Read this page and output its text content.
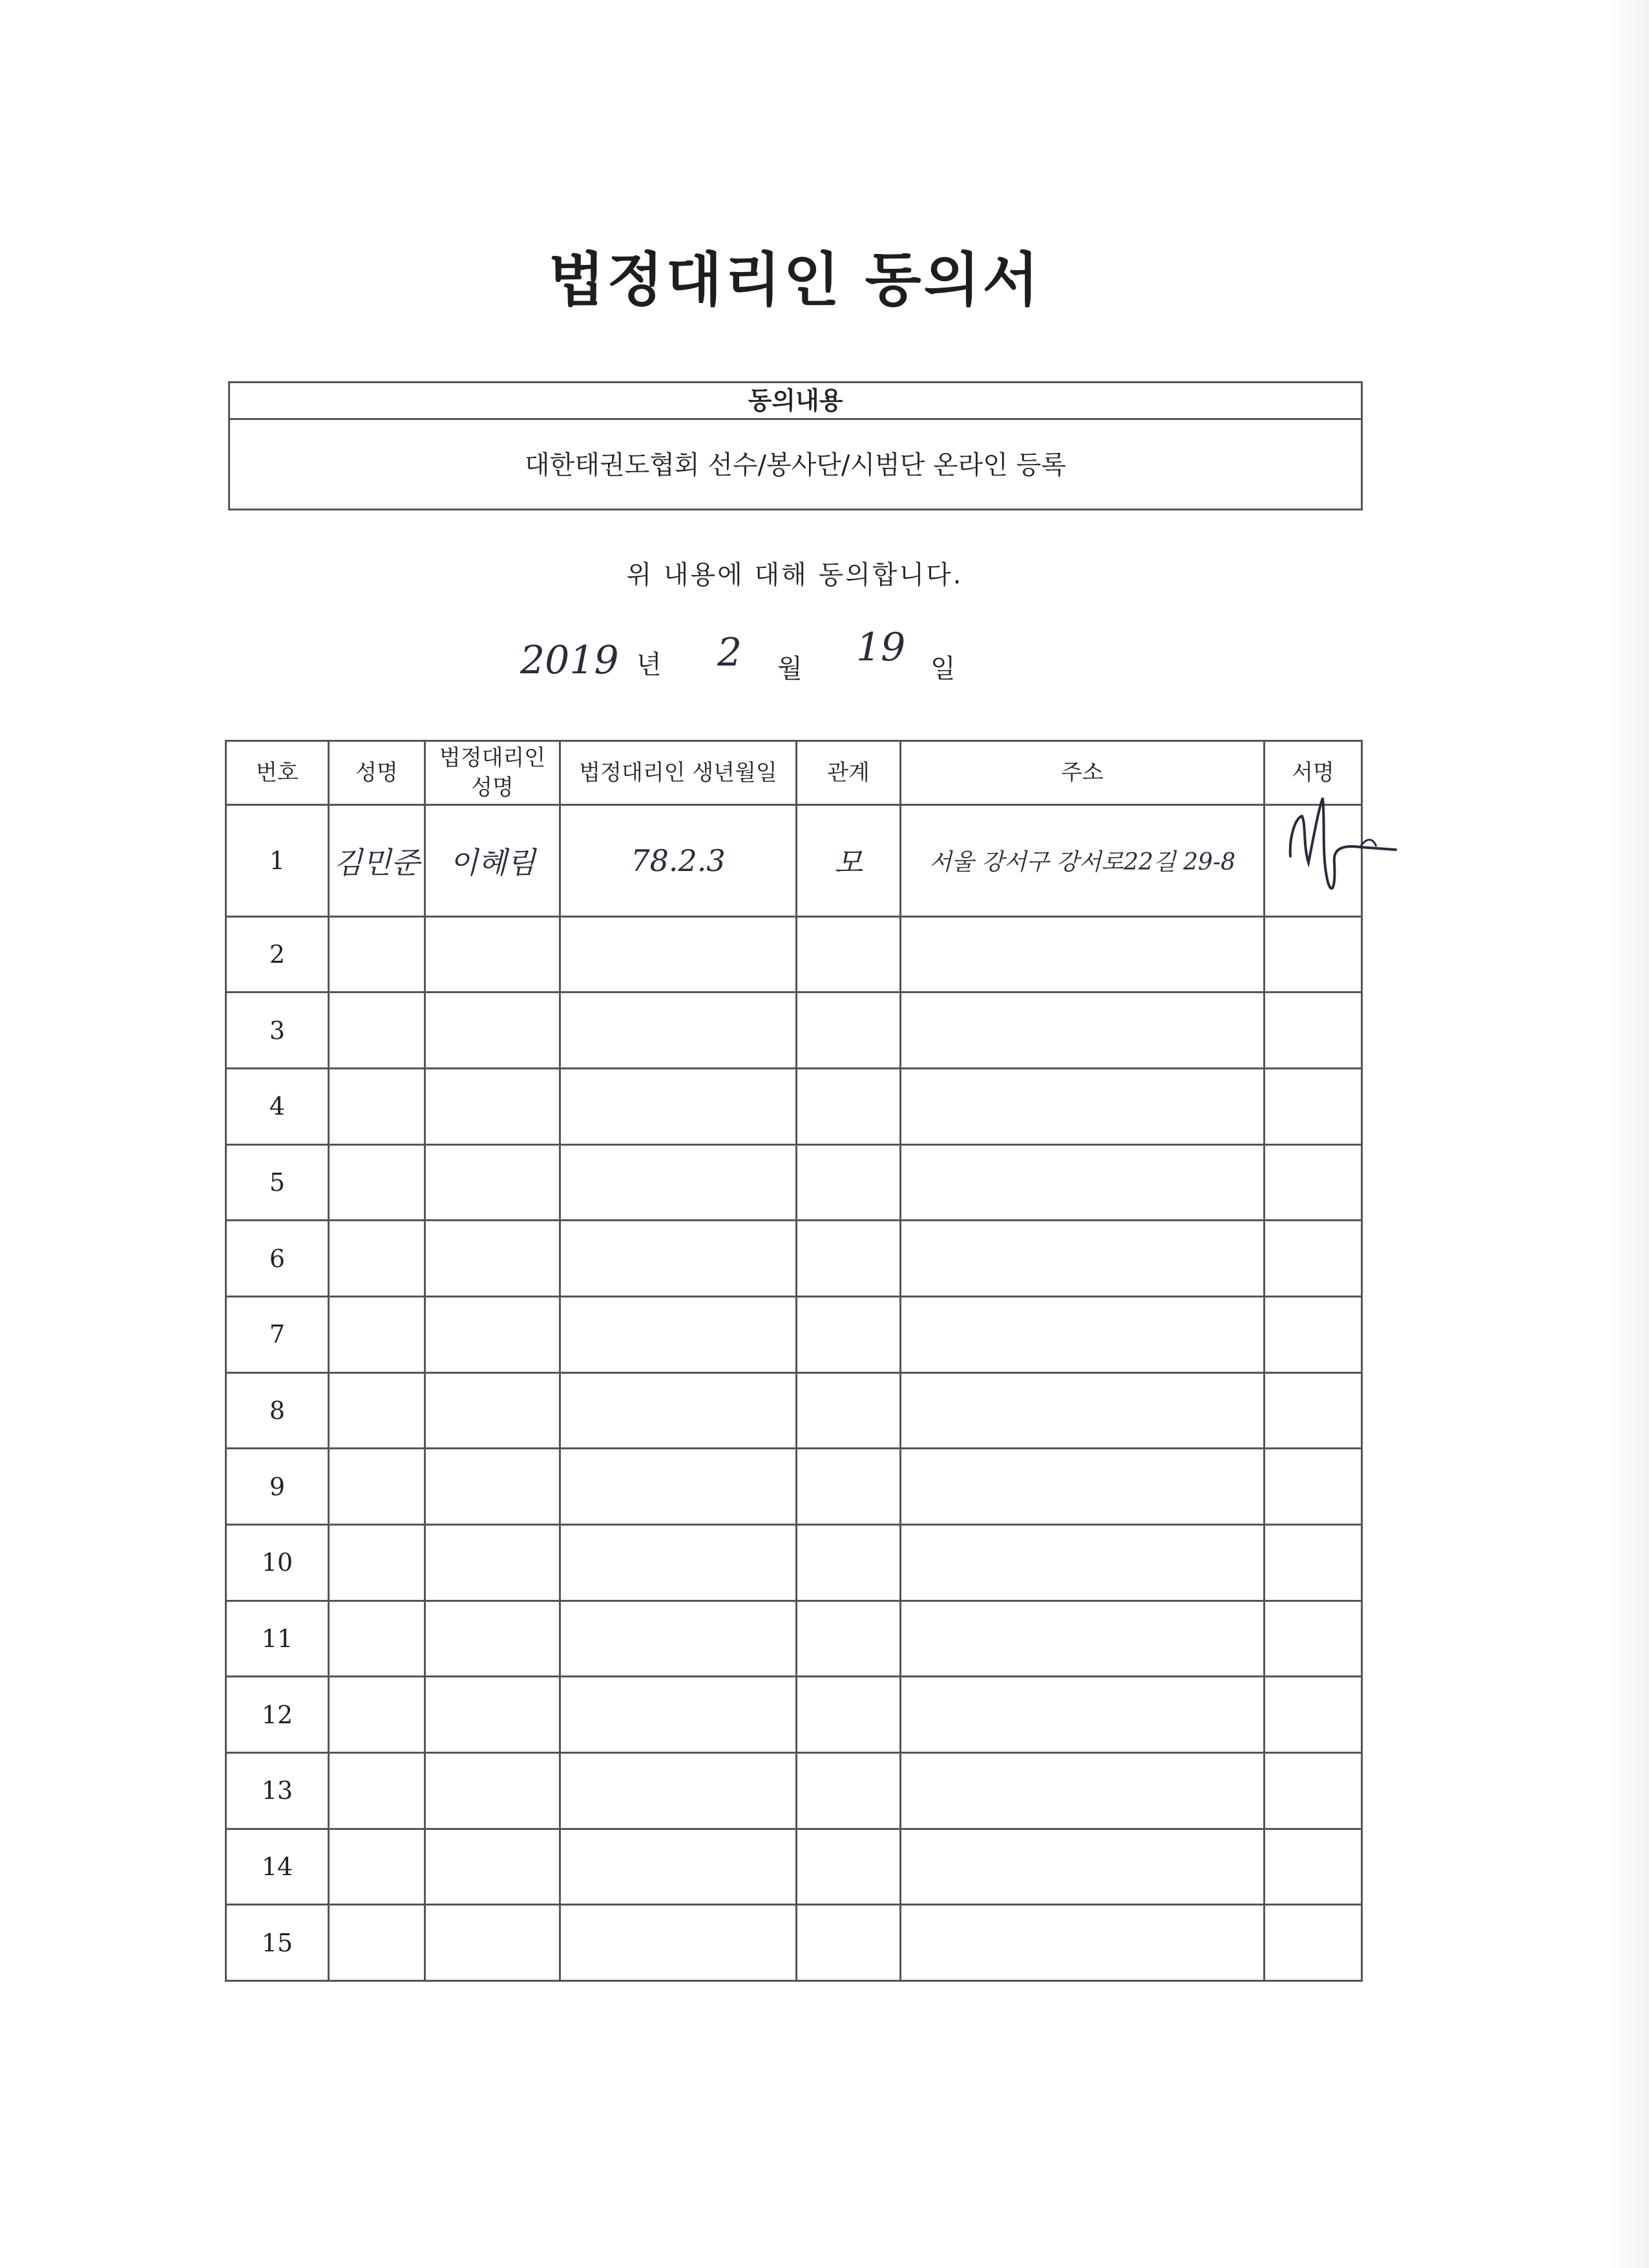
법정대리인 동의서
동의내용
대한태권도협회 선수/봉사단/시범단 온라인 등록
위 내용에 대해 동의합니다.
2019 년 2 월 19 일
번호	성명	법정대리인 성명	법정대리인 생년월일	관계	주소	서명
1	김민준	이혜림	78.2.3	모	서울 강서구 강서로22길 29-8	
2						
3						
4						
5						
6						
7						
8						
9						
10						
11						
12						
13						
14						
15						
